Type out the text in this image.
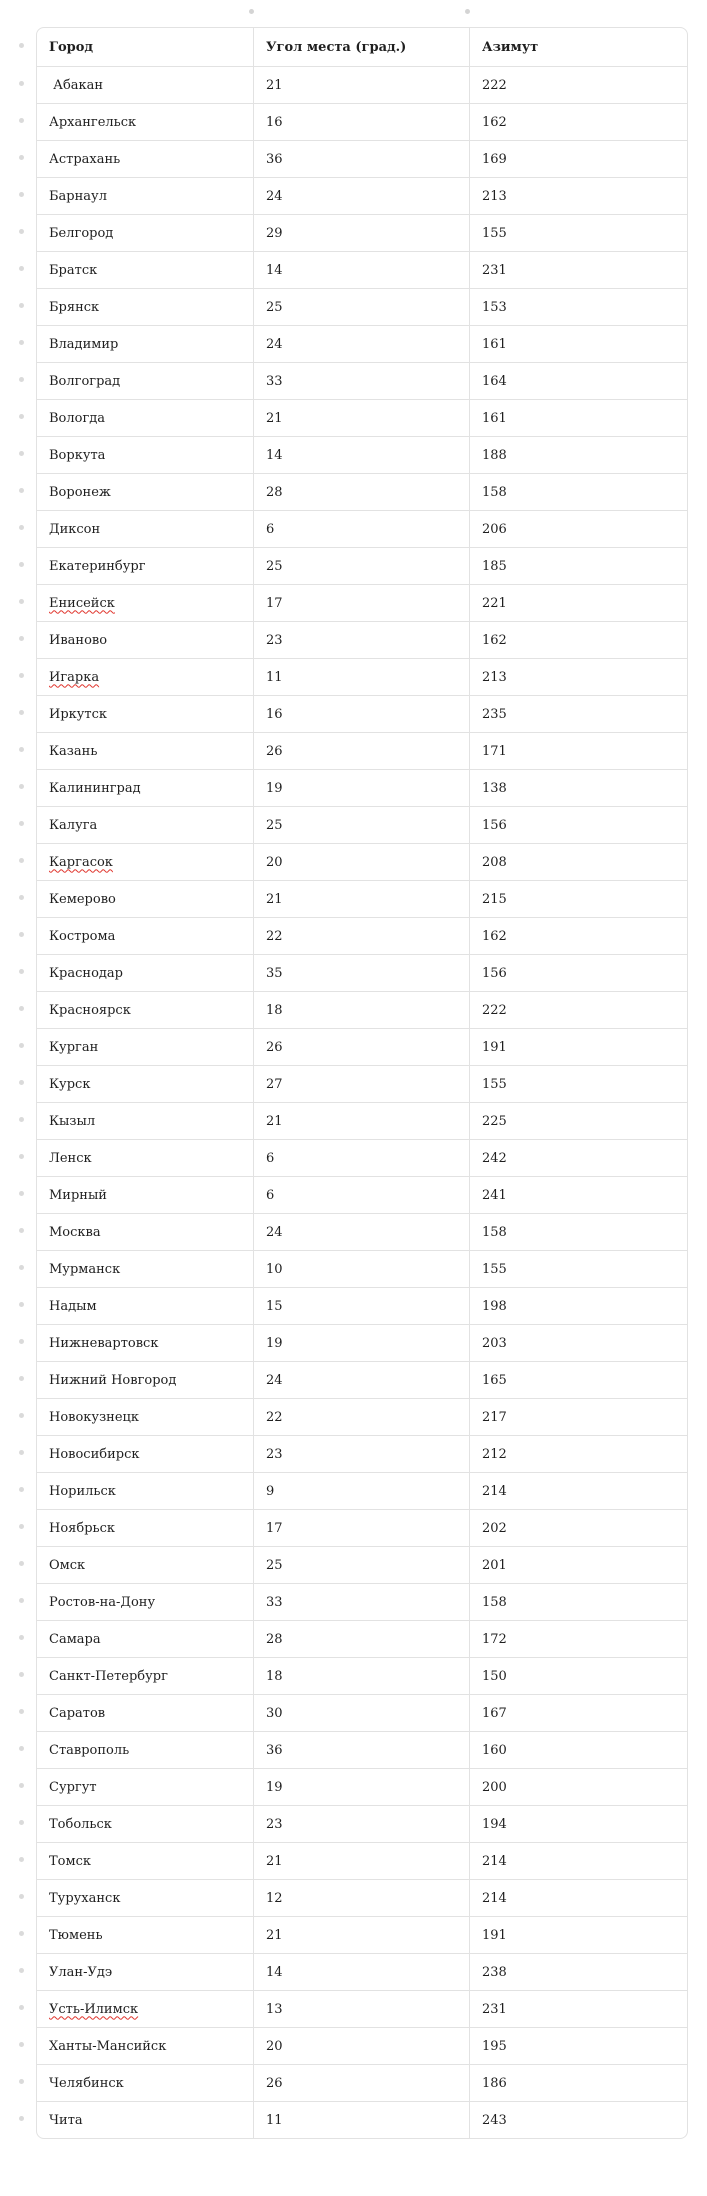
Город	Угол места (град.)	Азимут
Абакан	21	222
Архангельск	16	162
Астрахань	36	169
Барнаул	24	213
Белгород	29	155
Братск	14	231
Брянск	25	153
Владимир	24	161
Волгоград	33	164
Вологда	21	161
Воркута	14	188
Воронеж	28	158
Диксон	6	206
Екатеринбург	25	185
Енисейск	17	221
Иваново	23	162
Игарка	11	213
Иркутск	16	235
Казань	26	171
Калининград	19	138
Калуга	25	156
Каргасок	20	208
Кемерово	21	215
Кострома	22	162
Краснодар	35	156
Красноярск	18	222
Курган	26	191
Курск	27	155
Кызыл	21	225
Ленск	6	242
Мирный	6	241
Москва	24	158
Мурманск	10	155
Надым	15	198
Нижневартовск	19	203
Нижний Новгород	24	165
Новокузнецк	22	217
Новосибирск	23	212
Норильск	9	214
Ноябрьск	17	202
Омск	25	201
Ростов-на-Дону	33	158
Самара	28	172
Санкт-Петербург	18	150
Саратов	30	167
Ставрополь	36	160
Сургут	19	200
Тобольск	23	194
Томск	21	214
Туруханск	12	214
Тюмень	21	191
Улан-Удэ	14	238
Усть-Илимск	13	231
Ханты-Мансийск	20	195
Челябинск	26	186
Чита	11	243
